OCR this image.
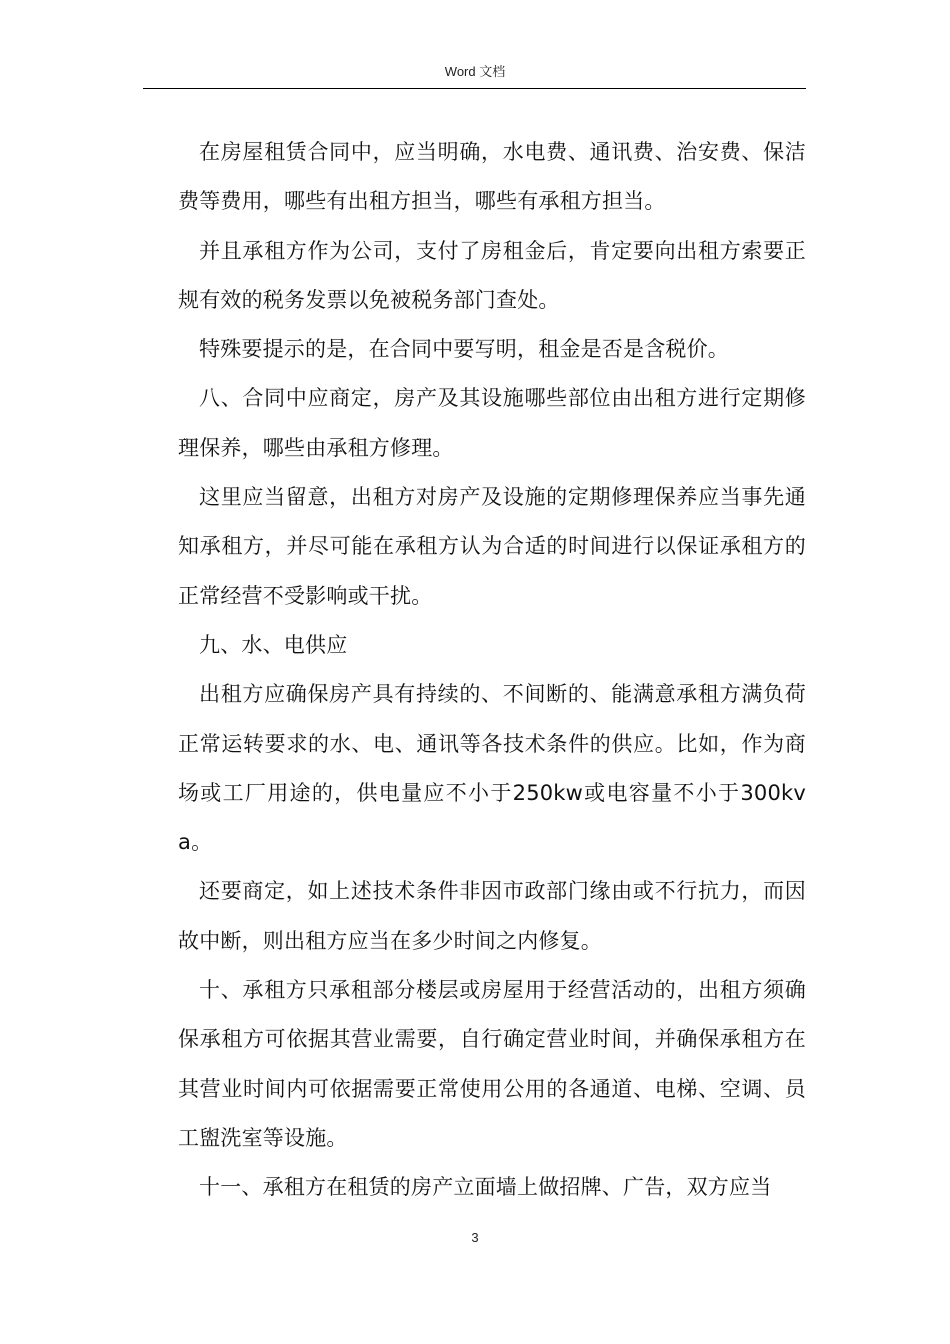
Word 文档

在房屋租赁合同中，应当明确，水电费、通讯费、治安费、保洁费等费用，哪些有出租方担当，哪些有承租方担当。

并且承租方作为公司，支付了房租金后，肯定要向出租方索要正规有效的税务发票以免被税务部门查处。

特殊要提示的是，在合同中要写明，租金是否是含税价。

八、合同中应商定，房产及其设施哪些部位由出租方进行定期修理保养，哪些由承租方修理。

这里应当留意，出租方对房产及设施的定期修理保养应当事先通知承租方，并尽可能在承租方认为合适的时间进行以保证承租方的正常经营不受影响或干扰。

九、水、电供应

出租方应确保房产具有持续的、不间断的、能满意承租方满负荷正常运转要求的水、电、通讯等各技术条件的供应。比如，作为商场或工厂用途的，供电量应不小于250kw或电容量不小于300kva。

还要商定，如上述技术条件非因市政部门缘由或不行抗力，而因故中断，则出租方应当在多少时间之内修复。

十、承租方只承租部分楼层或房屋用于经营活动的，出租方须确保承租方可依据其营业需要，自行确定营业时间，并确保承租方在其营业时间内可依据需要正常使用公用的各通道、电梯、空调、员工盥洗室等设施。

十一、承租方在租赁的房产立面墙上做招牌、广告，双方应当

3
